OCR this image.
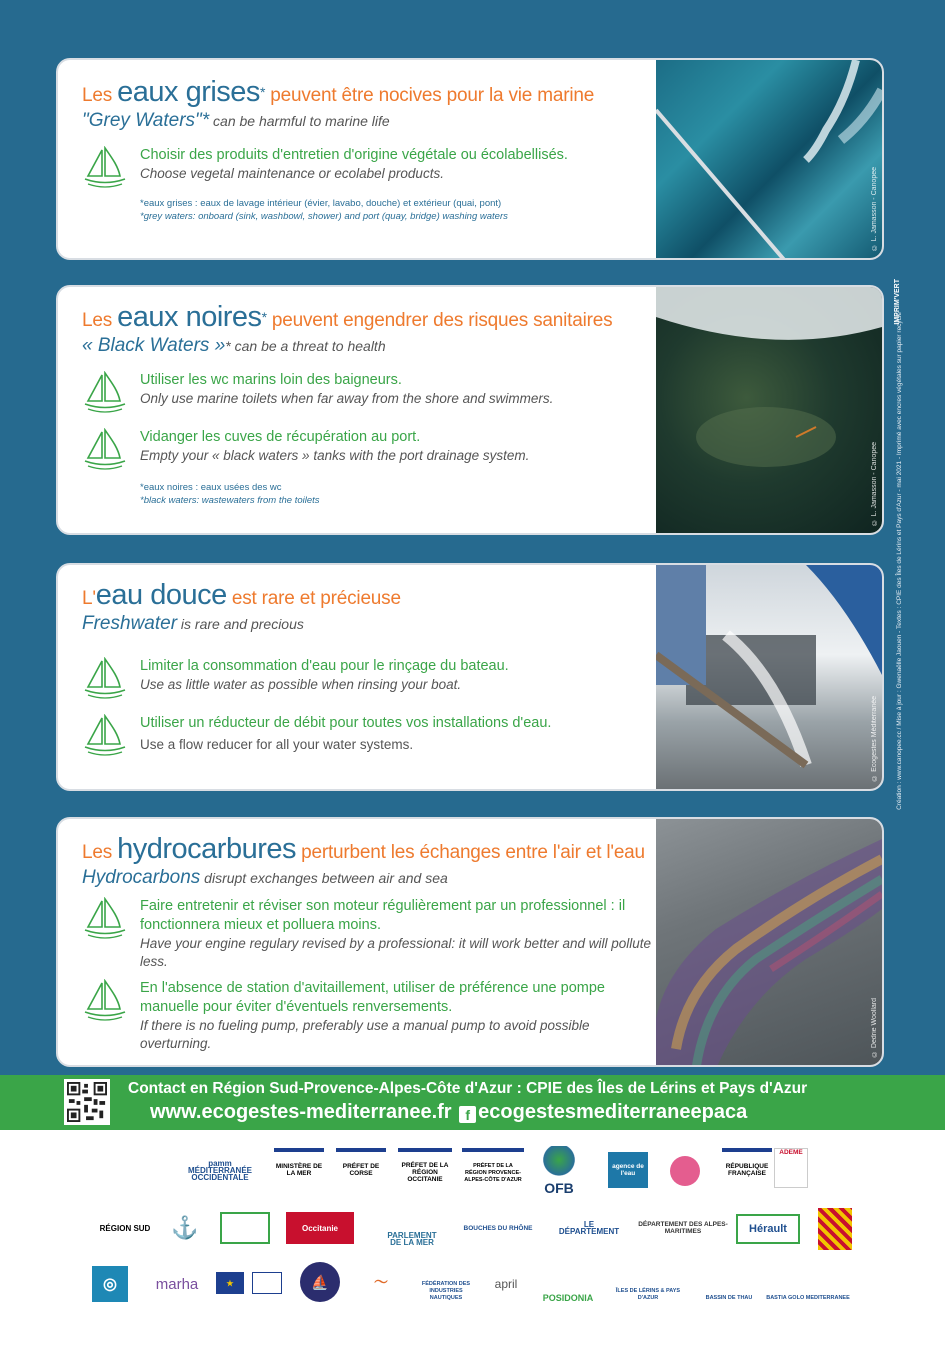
Les eaux grises* peuvent être nocives pour la vie marine
"Grey Waters"* can be harmful to marine life
Choisir des produits d'entretien d'origine végétale ou écolabellisés.
Choose vegetal maintenance or ecolabel products.
*eaux grises : eaux de lavage intérieur (évier, lavabo, douche) et extérieur (quai, pont)
*grey waters: onboard (sink, washbowl, shower) and port (quay, bridge) washing waters	© L. Jamasson - Canopee
Les eaux noires* peuvent engendrer des risques sanitaires
« Black Waters »* can be a threat to health
Utiliser les wc marins loin des baigneurs.
Only use marine toilets when far away from the shore and swimmers.
Vidanger les cuves de récupération au port.
Empty your « black waters » tanks with the port drainage system.
*eaux noires : eaux usées des wc
*black waters: wastewaters from the toilets	© L. Jamasson - Canopee
L'eau douce est rare et précieuse
Freshwater is rare and precious
Limiter la consommation d'eau pour le rinçage du bateau.
Use as little water as possible when rinsing your boat.
Utiliser un réducteur de débit pour toutes vos installations d'eau.
Use a flow reducer for all your water systems.	© Ecogestes Méditerranée
Les hydrocarbures perturbent les échanges entre l'air et l'eau
Hydrocarbons disrupt exchanges between air and sea
Faire entretenir et réviser son moteur régulièrement par un professionnel : il fonctionnera mieux et polluera moins.
Have your engine regulary revised by a professional: it will work better and will pollute less.
En l'absence de station d'avitaillement, utiliser de préférence une pompe manuelle pour éviter d'éventuels renversements.
If there is no fueling pump, preferably use a manual pump to avoid possible overturning.	© Dedrie Woollard
Création : www.canopee.cc / Mise à jour : Gwenaëlle Jaouen - Textes : CPIE des Îles de Lérins et Pays d'Azur - mai 2021 - Imprimé avec encres végétales sur papier recyclé
IMPRIM'VERT
Contact en Région Sud-Provence-Alpes-Côte d'Azur : CPIE des Îles de Lérins et Pays d'Azur
www.ecogestes-mediterranee.fr f ecogestesmediterraneepaca
pamm MÉDITERRANÉE OCCIDENTALE
MINISTÈRE DE LA MER
PRÉFET DE CORSE
PRÉFET DE LA RÉGION OCCITANIE
PRÉFET DE LA RÉGION PROVENCE-ALPES-CÔTE D'AZUR
OFB
agence de l'eau
RÉPUBLIQUE FRANÇAISE
ADEME
RÉGION SUD ⚓	Occitanie
PARLEMENT DE LA MER
BOUCHES DU RHÔNE	LE DÉPARTEMENT
DÉPARTEMENT DES ALPES-MARITIMES	Hérault
◎	marha	★	⛵	〜	FÉDÉRATION DES INDUSTRIES NAUTIQUES
april
POSIDONIA
ÎLES DE LÉRINS & PAYS D'AZUR	BASSIN DE THAU	BASTIA GOLO MEDITERRANEE
